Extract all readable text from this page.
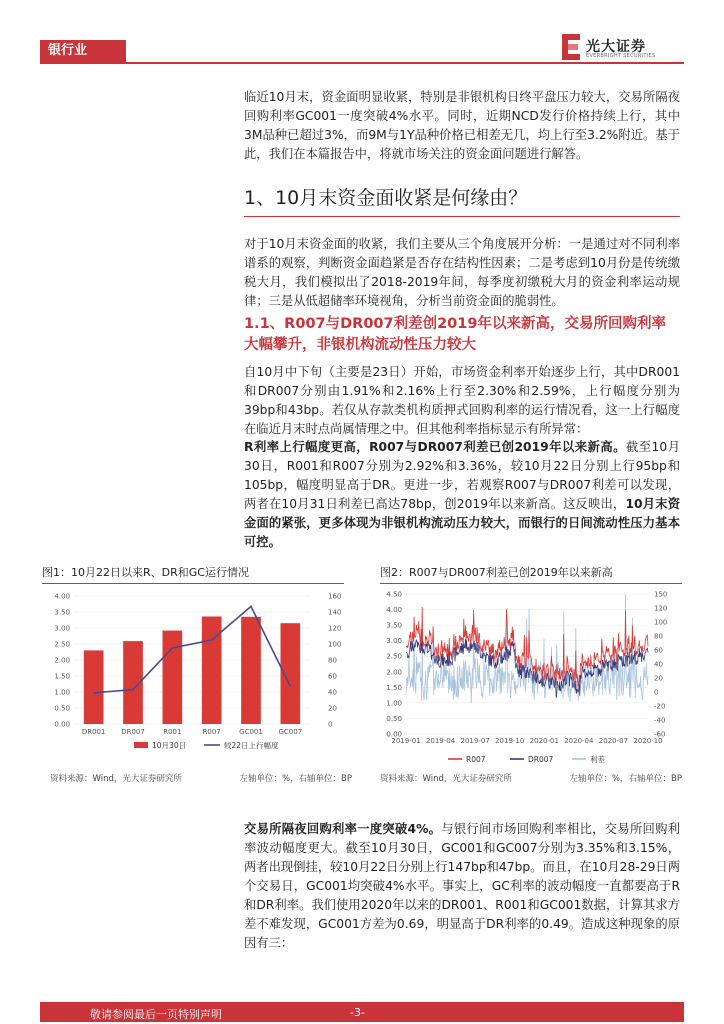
银行业	光大证券
EVERBRIGHT SECURITIES
临近10月末，资金面明显收紧，特别是非银机构日终平盘压力较大，交易所隔夜回购利率GC001一度突破4%水平。同时，近期NCD发行价格持续上行，其中3M品种已超过3%，而9M与1Y品种价格已相差无几，均上行至3.2%附近。基于此，我们在本篇报告中，将就市场关注的资金面问题进行解答。
1、10月末资金面收紧是何缘由？
对于10月末资金面的收紧，我们主要从三个角度展开分析：一是通过对不同利率谱系的观察，判断资金面趋紧是否存在结构性因素；二是考虑到10月份是传统缴税大月，我们模拟出了2018-2019年间，每季度初缴税大月的资金利率运动规律；三是从低超储率环境视角，分析当前资金面的脆弱性。
1.1、R007与DR007利差创2019年以来新高，交易所回购利率大幅攀升，非银机构流动性压力较大
自10月中下旬（主要是23日）开始，市场资金利率开始逐步上行，其中DR001和DR007分别由1.91%和2.16%上行至2.30%和2.59%，上行幅度分别为39bp和43bp。若仅从存款类机构质押式回购利率的运行情况看，这一上行幅度在临近月末时点尚属情理之中。但其他利率指标显示有所异常：
R利率上行幅度更高，R007与DR007利差已创2019年以来新高。截至10月30日，R001和R007分别为2.92%和3.36%，较10月22日分别上行95bp和105bp，幅度明显高于DR。更进一步，若观察R007与DR007利差可以发现，两者在10月31日利差已高达78bp，创2019年以来新高。这反映出，10月末资金面的紧张，更多体现为非银机构流动压力较大，而银行的日间流动性压力基本可控。
图1：10月22日以来R、DR和GC运行情况	图2：R007与DR007利差已创2019年以来新高
0.00
0.50
1.00
1.50
2.00
2.50
3.00
3.50
4.00
0
20
40
60
80
100
120
140
160
DR001 DR007	R001	R007	GC001 GC007
10月30日	较22日上行幅度
0.00
0.50
1.00
1.50
2.00
2.50
3.00
3.50
4.00
4.50
-60
-40
-20
0
20
40
60
80
100
120
150
2019-01 2019-04 2019-07 2019-10 2020-01 2020-04 2020-07 2020-10
R007	DR007	利差
资料来源：Wind，光大证券研究所	左轴单位：%，右轴单位：BP	资料来源：Wind，光大证券研究所	左轴单位：%，右轴单位：BP
交易所隔夜回购利率一度突破4%。与银行间市场回购利率相比，交易所回购利率波动幅度更大。截至10月30日，GC001和GC007分别为3.35%和3.15%，两者出现倒挂，较10月22日分别上行147bp和47bp。而且，在10月28-29日两个交易日，GC001均突破4%水平。事实上，GC利率的波动幅度一直都要高于R和DR利率。我们使用2020年以来的DR001、R001和GC001数据，计算其求方差不难发现，GC001方差为0.69，明显高于DR利率的0.49。造成这种现象的原因有三：
敬请参阅最后一页特别声明	-3-
